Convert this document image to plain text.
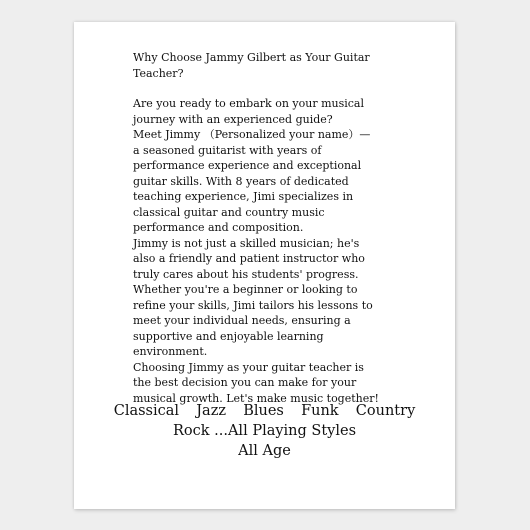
Why Choose Jammy Gilbert as Your Guitar
Teacher?

Are you ready to embark on your musical
journey with an experienced guide?
Meet Jimmy （Personalized your name）—
a seasoned guitarist with years of
performance experience and exceptional
guitar skills. With 8 years of dedicated
teaching experience, Jimi specializes in
classical guitar and country music
performance and composition.

Jimmy is not just a skilled musician; he's
also a friendly and patient instructor who
truly cares about his students' progress.
Whether you're a beginner or looking to
refine your skills, Jimi tailors his lessons to
meet your individual needs, ensuring a
supportive and enjoyable learning
environment.

Choosing Jimmy as your guitar teacher is
the best decision you can make for your
musical growth. Let's make music together!

Classical  Jazz  Blues  Funk  Country

Rock ...All Playing Styles

All Age
